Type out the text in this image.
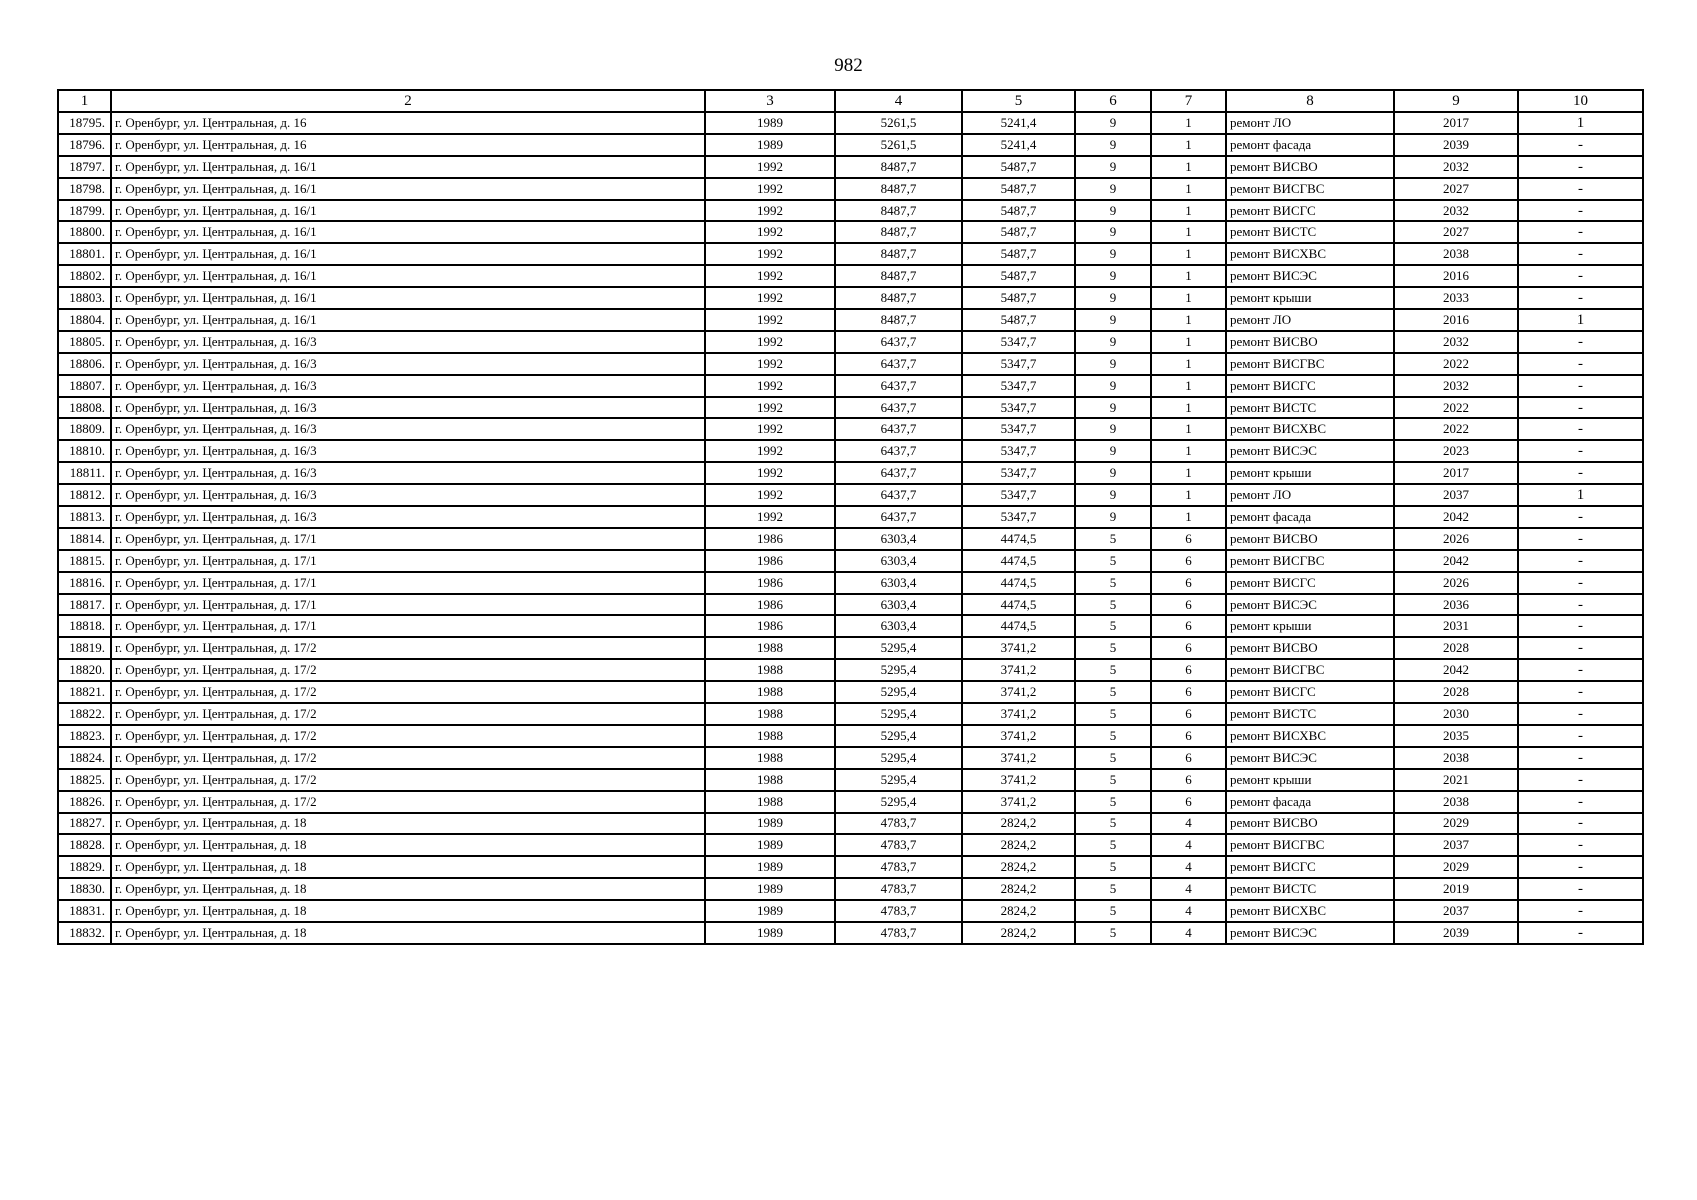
982
1	2	3	4	5	6	7	8	9	10
18795.	г. Оренбург, ул. Центральная, д. 16	1989	5261,5	5241,4	9	1	ремонт ЛО	2017	1
18796.	г. Оренбург, ул. Центральная, д. 16	1989	5261,5	5241,4	9	1	ремонт фасада	2039	-
18797.	г. Оренбург, ул. Центральная, д. 16/1	1992	8487,7	5487,7	9	1	ремонт ВИСВО	2032	-
18798.	г. Оренбург, ул. Центральная, д. 16/1	1992	8487,7	5487,7	9	1	ремонт ВИСГВС	2027	-
18799.	г. Оренбург, ул. Центральная, д. 16/1	1992	8487,7	5487,7	9	1	ремонт ВИСГС	2032	-
18800.	г. Оренбург, ул. Центральная, д. 16/1	1992	8487,7	5487,7	9	1	ремонт ВИСТС	2027	-
18801.	г. Оренбург, ул. Центральная, д. 16/1	1992	8487,7	5487,7	9	1	ремонт ВИСХВС	2038	-
18802.	г. Оренбург, ул. Центральная, д. 16/1	1992	8487,7	5487,7	9	1	ремонт ВИСЭС	2016	-
18803.	г. Оренбург, ул. Центральная, д. 16/1	1992	8487,7	5487,7	9	1	ремонт крыши	2033	-
18804.	г. Оренбург, ул. Центральная, д. 16/1	1992	8487,7	5487,7	9	1	ремонт ЛО	2016	1
18805.	г. Оренбург, ул. Центральная, д. 16/3	1992	6437,7	5347,7	9	1	ремонт ВИСВО	2032	-
18806.	г. Оренбург, ул. Центральная, д. 16/3	1992	6437,7	5347,7	9	1	ремонт ВИСГВС	2022	-
18807.	г. Оренбург, ул. Центральная, д. 16/3	1992	6437,7	5347,7	9	1	ремонт ВИСГС	2032	-
18808.	г. Оренбург, ул. Центральная, д. 16/3	1992	6437,7	5347,7	9	1	ремонт ВИСТС	2022	-
18809.	г. Оренбург, ул. Центральная, д. 16/3	1992	6437,7	5347,7	9	1	ремонт ВИСХВС	2022	-
18810.	г. Оренбург, ул. Центральная, д. 16/3	1992	6437,7	5347,7	9	1	ремонт ВИСЭС	2023	-
18811.	г. Оренбург, ул. Центральная, д. 16/3	1992	6437,7	5347,7	9	1	ремонт крыши	2017	-
18812.	г. Оренбург, ул. Центральная, д. 16/3	1992	6437,7	5347,7	9	1	ремонт ЛО	2037	1
18813.	г. Оренбург, ул. Центральная, д. 16/3	1992	6437,7	5347,7	9	1	ремонт фасада	2042	-
18814.	г. Оренбург, ул. Центральная, д. 17/1	1986	6303,4	4474,5	5	6	ремонт ВИСВО	2026	-
18815.	г. Оренбург, ул. Центральная, д. 17/1	1986	6303,4	4474,5	5	6	ремонт ВИСГВС	2042	-
18816.	г. Оренбург, ул. Центральная, д. 17/1	1986	6303,4	4474,5	5	6	ремонт ВИСГС	2026	-
18817.	г. Оренбург, ул. Центральная, д. 17/1	1986	6303,4	4474,5	5	6	ремонт ВИСЭС	2036	-
18818.	г. Оренбург, ул. Центральная, д. 17/1	1986	6303,4	4474,5	5	6	ремонт крыши	2031	-
18819.	г. Оренбург, ул. Центральная, д. 17/2	1988	5295,4	3741,2	5	6	ремонт ВИСВО	2028	-
18820.	г. Оренбург, ул. Центральная, д. 17/2	1988	5295,4	3741,2	5	6	ремонт ВИСГВС	2042	-
18821.	г. Оренбург, ул. Центральная, д. 17/2	1988	5295,4	3741,2	5	6	ремонт ВИСГС	2028	-
18822.	г. Оренбург, ул. Центральная, д. 17/2	1988	5295,4	3741,2	5	6	ремонт ВИСТС	2030	-
18823.	г. Оренбург, ул. Центральная, д. 17/2	1988	5295,4	3741,2	5	6	ремонт ВИСХВС	2035	-
18824.	г. Оренбург, ул. Центральная, д. 17/2	1988	5295,4	3741,2	5	6	ремонт ВИСЭС	2038	-
18825.	г. Оренбург, ул. Центральная, д. 17/2	1988	5295,4	3741,2	5	6	ремонт крыши	2021	-
18826.	г. Оренбург, ул. Центральная, д. 17/2	1988	5295,4	3741,2	5	6	ремонт фасада	2038	-
18827.	г. Оренбург, ул. Центральная, д. 18	1989	4783,7	2824,2	5	4	ремонт ВИСВО	2029	-
18828.	г. Оренбург, ул. Центральная, д. 18	1989	4783,7	2824,2	5	4	ремонт ВИСГВС	2037	-
18829.	г. Оренбург, ул. Центральная, д. 18	1989	4783,7	2824,2	5	4	ремонт ВИСГС	2029	-
18830.	г. Оренбург, ул. Центральная, д. 18	1989	4783,7	2824,2	5	4	ремонт ВИСТС	2019	-
18831.	г. Оренбург, ул. Центральная, д. 18	1989	4783,7	2824,2	5	4	ремонт ВИСХВС	2037	-
18832.	г. Оренбург, ул. Центральная, д. 18	1989	4783,7	2824,2	5	4	ремонт ВИСЭС	2039	-
